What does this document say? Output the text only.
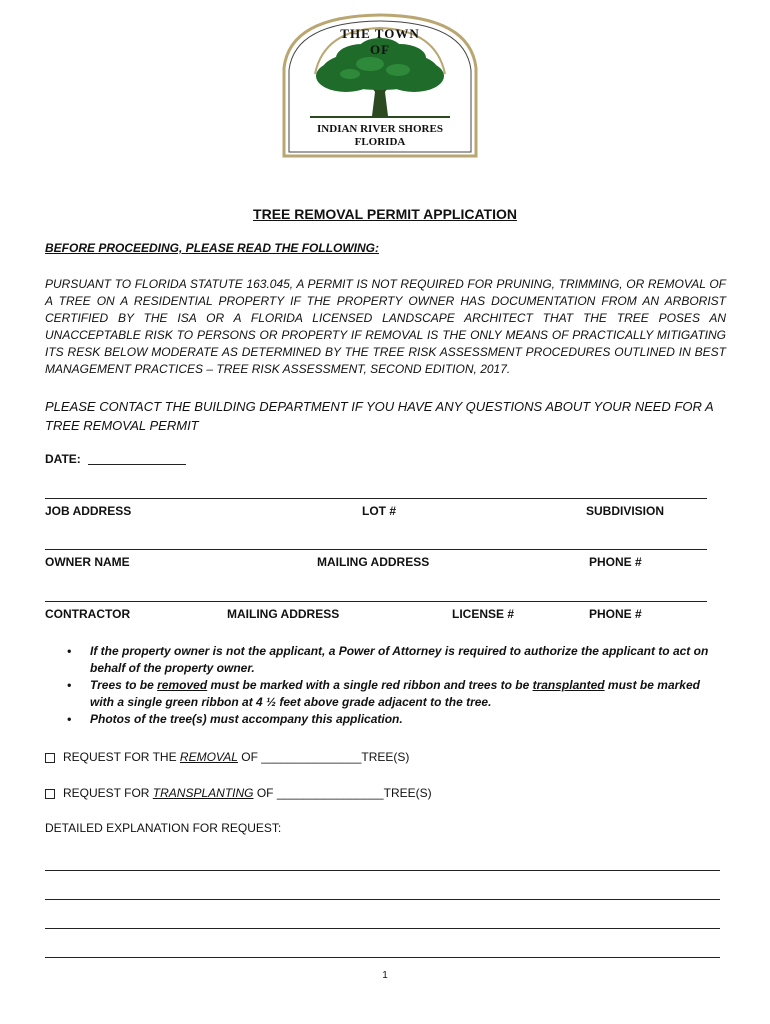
THE TOWN OF
INDIAN RIVER SHORES
FLORIDA
TREE REMOVAL PERMIT APPLICATION
BEFORE PROCEEDING, PLEASE READ THE FOLLOWING:
PURSUANT TO FLORIDA STATUTE 163.045, A PERMIT IS NOT REQUIRED FOR PRUNING, TRIMMING, OR REMOVAL OF A TREE ON A RESIDENTIAL PROPERTY IF THE PROPERTY OWNER HAS DOCUMENTATION FROM AN ARBORIST CERTIFIED BY THE ISA OR A FLORIDA LICENSED LANDSCAPE ARCHITECT THAT THE TREE POSES AN UNACCEPTABLE RISK TO PERSONS OR PROPERTY IF REMOVAL IS THE ONLY MEANS OF PRACTICALLY MITIGATING ITS RESK BELOW MODERATE AS DETERMINED BY THE TREE RISK ASSESSMENT PROCEDURES OUTLINED IN BEST MANAGEMENT PRACTICES – TREE RISK ASSESSMENT, SECOND EDITION, 2017.
PLEASE CONTACT THE BUILDING DEPARTMENT IF YOU HAVE ANY QUESTIONS ABOUT YOUR NEED FOR A TREE REMOVAL PERMIT
DATE:
JOB ADDRESS	LOT #	SUBDIVISION
OWNER NAME	MAILING ADDRESS	PHONE #
CONTRACTOR	MAILING ADDRESS	LICENSE #	PHONE #
• If the property owner is not the applicant, a Power of Attorney is required to authorize the applicant to act on behalf of the property owner.
• Trees to be removed must be marked with a single red ribbon and trees to be transplanted must be marked with a single green ribbon at 4 ½ feet above grade adjacent to the tree.
• Photos of the tree(s) must accompany this application.
REQUEST FOR THE REMOVAL OF _______________TREE(S)
REQUEST FOR TRANSPLANTING OF ________________TREE(S)
DETAILED EXPLANATION FOR REQUEST:
1
